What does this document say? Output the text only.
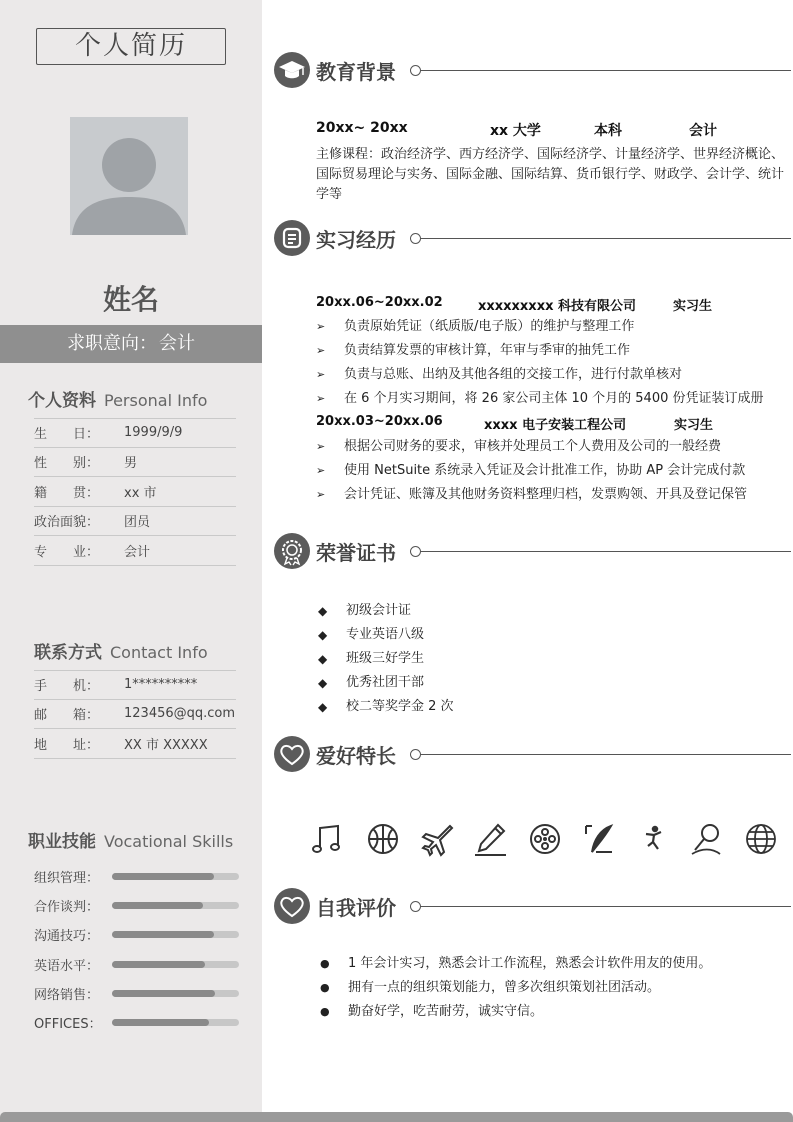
个人简历
姓名
求职意向： 会计
个人资料 Personal Info
生　　日：	1999/9/9
性　　别：	男
籍　　贯：	xx 市
政治面貌：	团员
专　　业：	会计
联系方式 Contact Info
手　　机：	1**********
邮　　箱：	123456@qq.com
地　　址：	XX 市 XXXXX
职业技能 Vocational Skills
组织管理：
合作谈判：
沟通技巧：
英语水平：
网络销售：
OFFICES：
教育背景
20xx~ 20xx	xx 大学	本科	会计
主修课程：政治经济学、西方经济学、国际经济学、计量经济学、世界经济概论、国际贸易理论与实务、国际金融、国际结算、货币银行学、财政学、会计学、统计学等
实习经历
20xx.06~20xx.02	xxxxxxxxx 科技有限公司	实习生
➢	负责原始凭证（纸质版/电子版）的维护与整理工作
➢	负责结算发票的审核计算，年审与季审的抽凭工作
➢	负责与总账、出纳及其他各组的交接工作，进行付款单核对
➢	在 6 个月实习期间，将 26 家公司主体 10 个月的 5400 份凭证装订成册
20xx.03~20xx.06	xxxx 电子安装工程公司	实习生
➢	根据公司财务的要求，审核并处理员工个人费用及公司的一般经费
➢	使用 NetSuite 系统录入凭证及会计批准工作，协助 AP 会计完成付款
➢	会计凭证、账簿及其他财务资料整理归档，发票购领、开具及登记保管
荣誉证书
◆	初级会计证
◆	专业英语八级
◆	班级三好学生
◆	优秀社团干部
◆	校二等奖学金 2 次
爱好特长
自我评价
●	1 年会计实习，熟悉会计工作流程，熟悉会计软件用友的使用。
●	拥有一点的组织策划能力，曾多次组织策划社团活动。
●	勤奋好学，吃苦耐劳，诚实守信。
